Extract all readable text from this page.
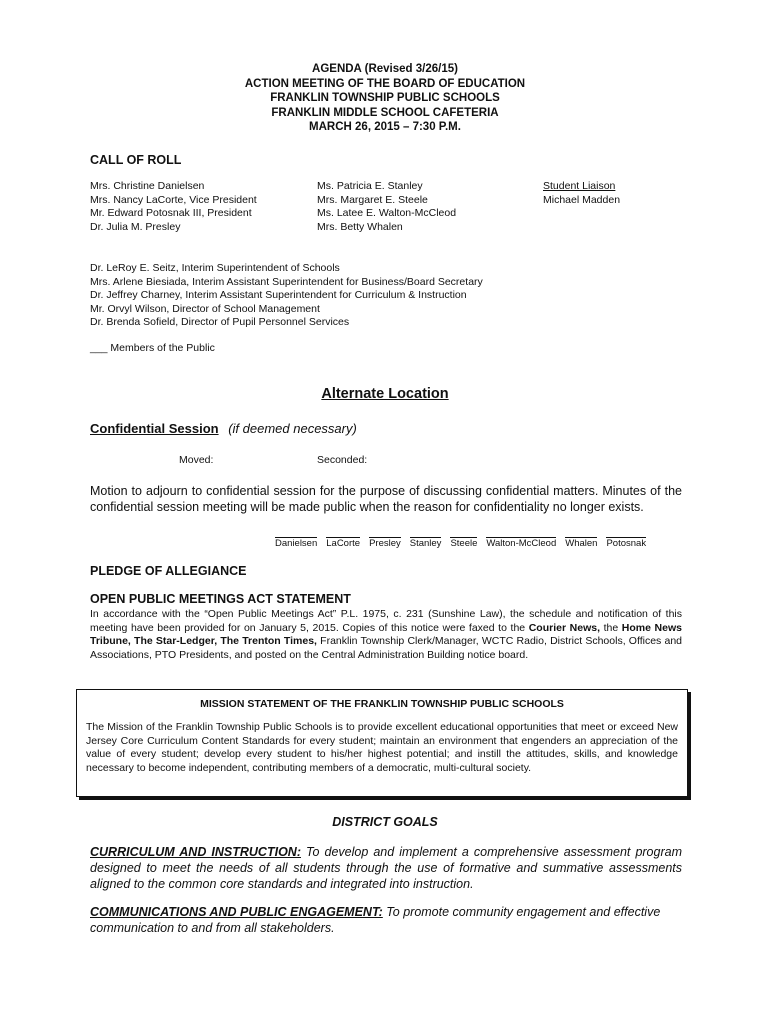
AGENDA (Revised 3/26/15)
ACTION MEETING OF THE BOARD OF EDUCATION
FRANKLIN TOWNSHIP PUBLIC SCHOOLS
FRANKLIN MIDDLE SCHOOL CAFETERIA
MARCH 26, 2015 – 7:30 P.M.
CALL OF ROLL
Mrs. Christine Danielsen
Mrs. Nancy LaCorte, Vice President
Mr. Edward Potosnak III, President
Dr. Julia M. Presley
Ms. Patricia E. Stanley
Mrs. Margaret E. Steele
Ms. Latee E. Walton-McCleod
Mrs. Betty Whalen
Student Liaison
Michael Madden
Dr. LeRoy E. Seitz, Interim Superintendent of Schools
Mrs. Arlene Biesiada, Interim Assistant Superintendent for Business/Board Secretary
Dr. Jeffrey Charney, Interim Assistant Superintendent for Curriculum & Instruction
Mr. Orvyl Wilson, Director of School Management
Dr. Brenda Sofield, Director of Pupil Personnel Services
___ Members of the Public
Alternate Location
Confidential Session (if deemed necessary)
Moved:	Seconded:
Motion to adjourn to confidential session for the purpose of discussing confidential matters. Minutes of the confidential session meeting will be made public when the reason for confidentiality no longer exists.
Danielsen LaCorte Presley Stanley Steele Walton-McCleod Whalen Potosnak
PLEDGE OF ALLEGIANCE
OPEN PUBLIC MEETINGS ACT STATEMENT
In accordance with the “Open Public Meetings Act” P.L. 1975, c. 231 (Sunshine Law), the schedule and notification of this meeting have been provided for on January 5, 2015. Copies of this notice were faxed to the Courier News, the Home News Tribune, The Star-Ledger, The Trenton Times, Franklin Township Clerk/Manager, WCTC Radio, District Schools, Offices and Associations, PTO Presidents, and posted on the Central Administration Building notice board.
MISSION STATEMENT OF THE FRANKLIN TOWNSHIP PUBLIC SCHOOLS
The Mission of the Franklin Township Public Schools is to provide excellent educational opportunities that meet or exceed New Jersey Core Curriculum Content Standards for every student; maintain an environment that engenders an appreciation of the value of every student; develop every student to his/her highest potential; and instill the attitudes, skills, and knowledge necessary to become independent, contributing members of a democratic, multi-cultural society.
DISTRICT GOALS
CURRICULUM AND INSTRUCTION: To develop and implement a comprehensive assessment program designed to meet the needs of all students through the use of formative and summative assessments aligned to the common core standards and integrated into instruction.
COMMUNICATIONS AND PUBLIC ENGAGEMENT: To promote community engagement and effective communication to and from all stakeholders.
